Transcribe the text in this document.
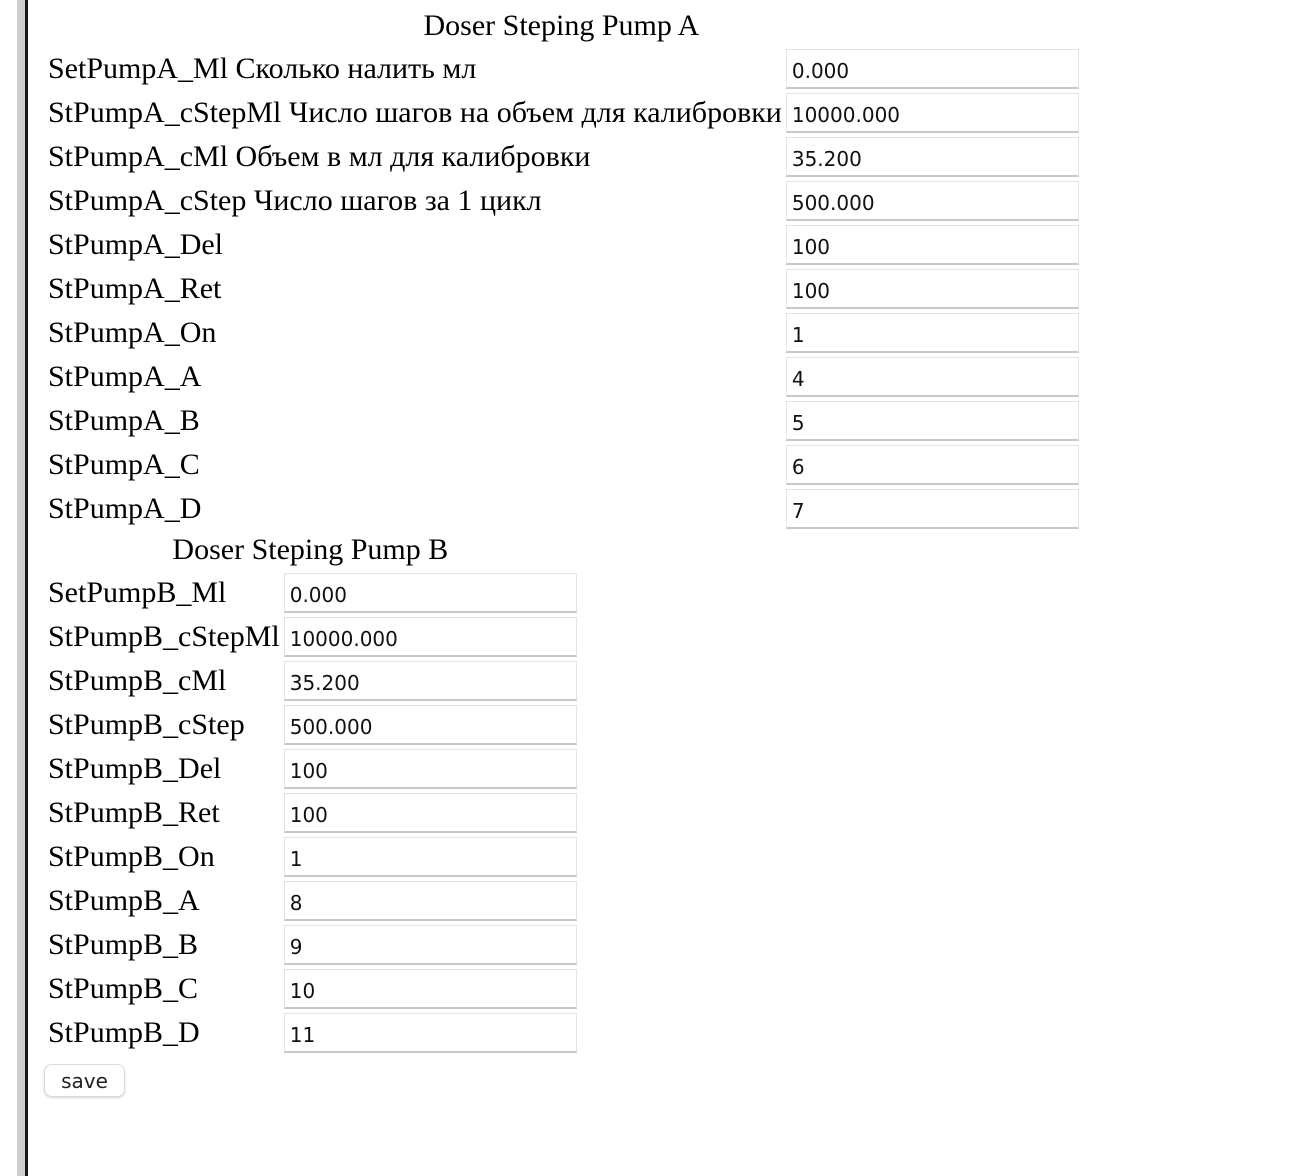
Doser Steping Pump A
SetPumpA_Ml Сколько налить мл	
0.000
StPumpA_cStepMl Число шагов на объем для калибровки	
10000.000
StPumpA_cMl Объем в мл для калибровки	
35.200
StPumpA_cStep Число шагов за 1 цикл	
500.000
StPumpA_Del	
100
StPumpA_Ret	
100
StPumpA_On	
1
StPumpA_A	
4
StPumpA_B	
5
StPumpA_C	
6
StPumpA_D	
7
Doser Steping Pump B
SetPumpB_Ml	
0.000
StPumpB_cStepMl	
10000.000
StPumpB_cMl	
35.200
StPumpB_cStep	
500.000
StPumpB_Del	
100
StPumpB_Ret	
100
StPumpB_On	
1
StPumpB_A	
8
StPumpB_B	
9
StPumpB_C	
10
StPumpB_D	
11
save
